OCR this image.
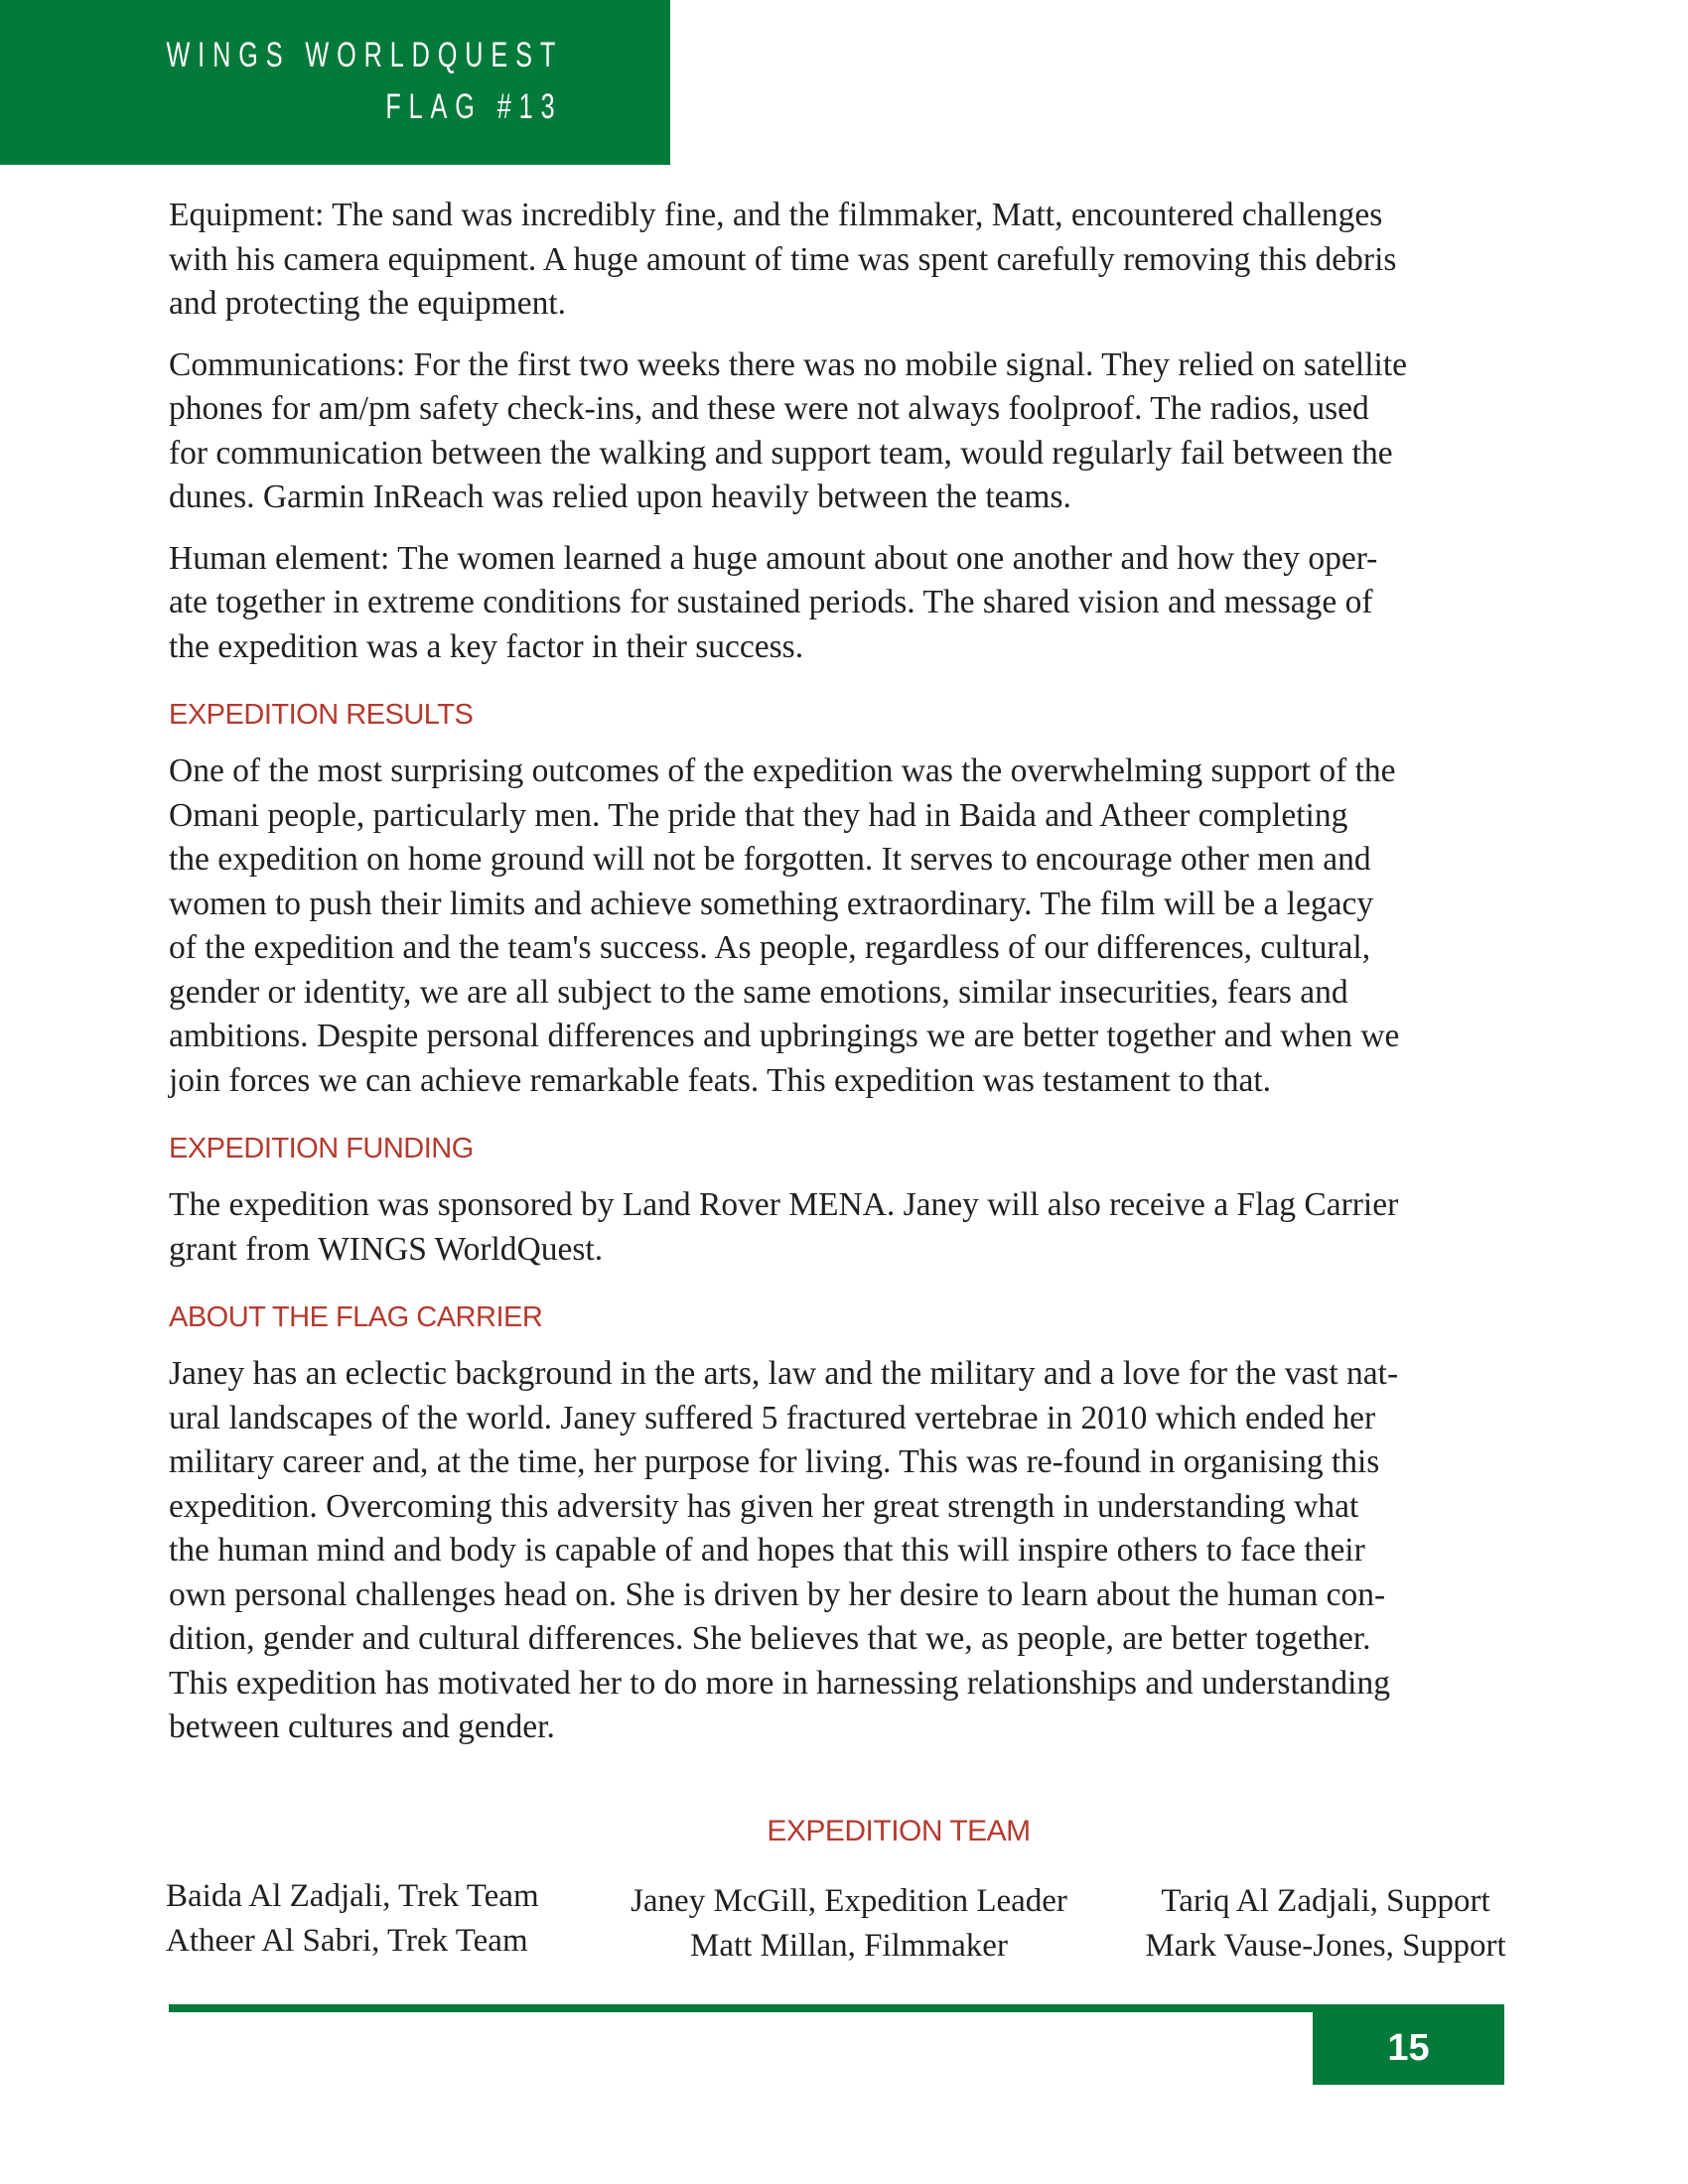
WINGS WORLDQUEST
FLAG #13

Equipment: The sand was incredibly fine, and the filmmaker, Matt, encountered challenges
with his camera equipment. A huge amount of time was spent carefully removing this debris
and protecting the equipment.

Communications: For the first two weeks there was no mobile signal. They relied on satellite
phones for am/pm safety check-ins, and these were not always foolproof. The radios, used
for communication between the walking and support team, would regularly fail between the
dunes. Garmin InReach was relied upon heavily between the teams.

Human element: The women learned a huge amount about one another and how they oper-
ate together in extreme conditions for sustained periods. The shared vision and message of
the expedition was a key factor in their success.

EXPEDITION RESULTS

One of the most surprising outcomes of the expedition was the overwhelming support of the
Omani people, particularly men. The pride that they had in Baida and Atheer completing
the expedition on home ground will not be forgotten. It serves to encourage other men and
women to push their limits and achieve something extraordinary. The film will be a legacy
of the expedition and the team's success. As people, regardless of our differences, cultural,
gender or identity, we are all subject to the same emotions, similar insecurities, fears and
ambitions. Despite personal differences and upbringings we are better together and when we
join forces we can achieve remarkable feats. This expedition was testament to that.

EXPEDITION FUNDING

The expedition was sponsored by Land Rover MENA. Janey will also receive a Flag Carrier
grant from WINGS WorldQuest.

ABOUT THE FLAG CARRIER

Janey has an eclectic background in the arts, law and the military and a love for the vast nat-
ural landscapes of the world. Janey suffered 5 fractured vertebrae in 2010 which ended her
military career and, at the time, her purpose for living. This was re-found in organising this
expedition. Overcoming this adversity has given her great strength in understanding what
the human mind and body is capable of and hopes that this will inspire others to face their
own personal challenges head on. She is driven by her desire to learn about the human con-
dition, gender and cultural differences. She believes that we, as people, are better together.
This expedition has motivated her to do more in harnessing relationships and understanding
between cultures and gender.

EXPEDITION TEAM
Baida Al Zadjali, Trek Team
Atheer Al Sabri, Trek Team
Janey McGill, Expedition Leader
Matt Millan, Filmmaker
Tariq Al Zadjali, Support
Mark Vause-Jones, Support
15
